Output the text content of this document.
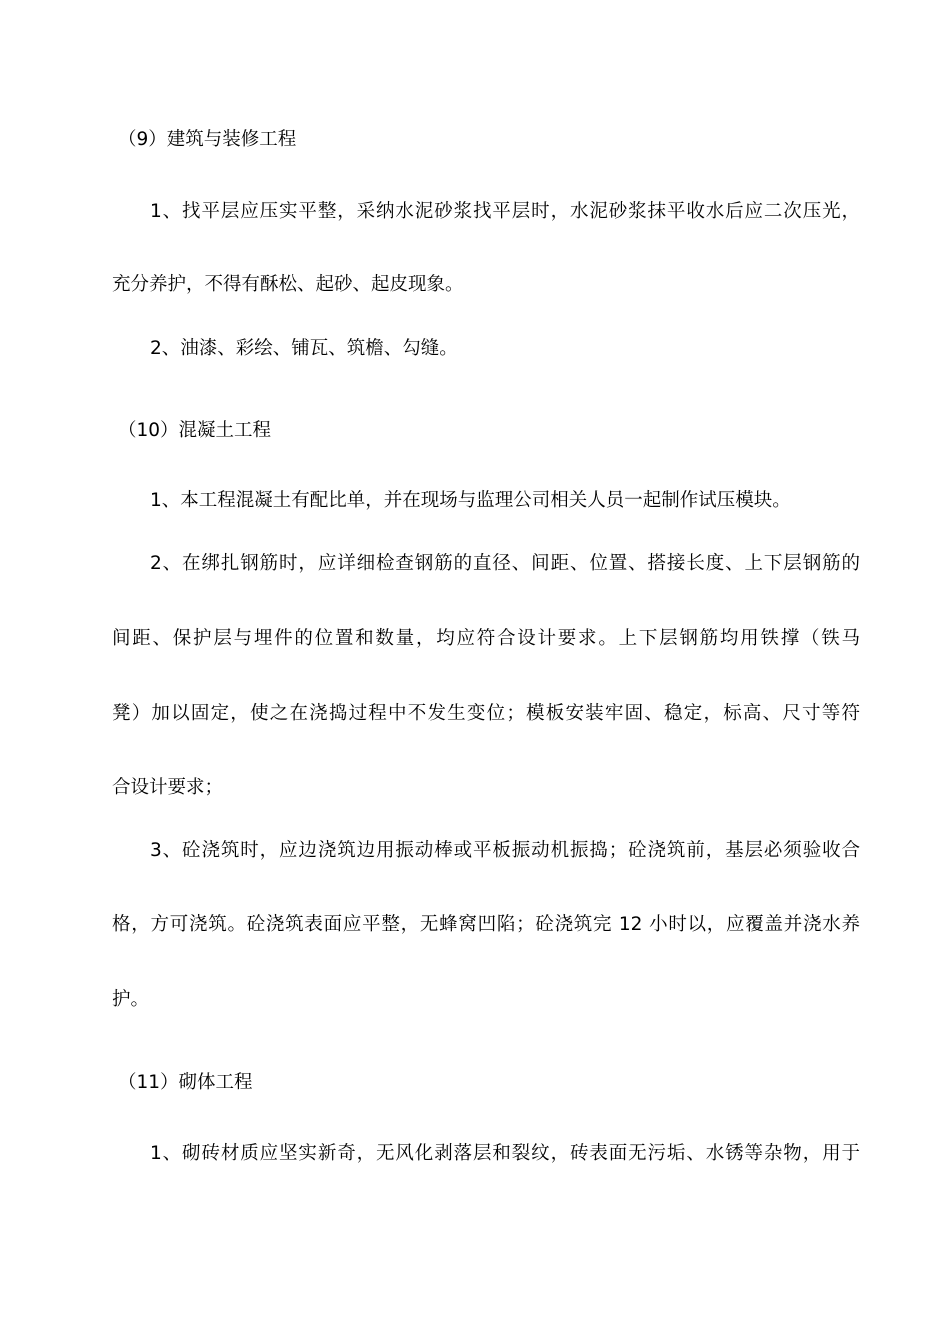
（9）建筑与装修工程
1、找平层应压实平整，采纳水泥砂浆找平层时，水泥砂浆抹平收水后应二次压光，
充分养护，不得有酥松、起砂、起皮现象。
2、油漆、彩绘、铺瓦、筑檐、勾缝。
（10）混凝土工程
1、本工程混凝土有配比单，并在现场与监理公司相关人员一起制作试压模块。
2、在绑扎钢筋时，应详细检查钢筋的直径、间距、位置、搭接长度、上下层钢筋的
间距、保护层与埋件的位置和数量，均应符合设计要求。上下层钢筋均用铁撑（铁马
凳）加以固定，使之在浇捣过程中不发生变位；模板安装牢固、稳定，标高、尺寸等符
合设计要求；
3、砼浇筑时，应边浇筑边用振动棒或平板振动机振捣；砼浇筑前，基层必须验收合
格，方可浇筑。砼浇筑表面应平整，无蜂窝凹陷；砼浇筑完 12 小时以，应覆盖并浇水养
护。
（11）砌体工程
1、砌砖材质应坚实新奇，无风化剥落层和裂纹，砖表面无污垢、水锈等杂物，用于
